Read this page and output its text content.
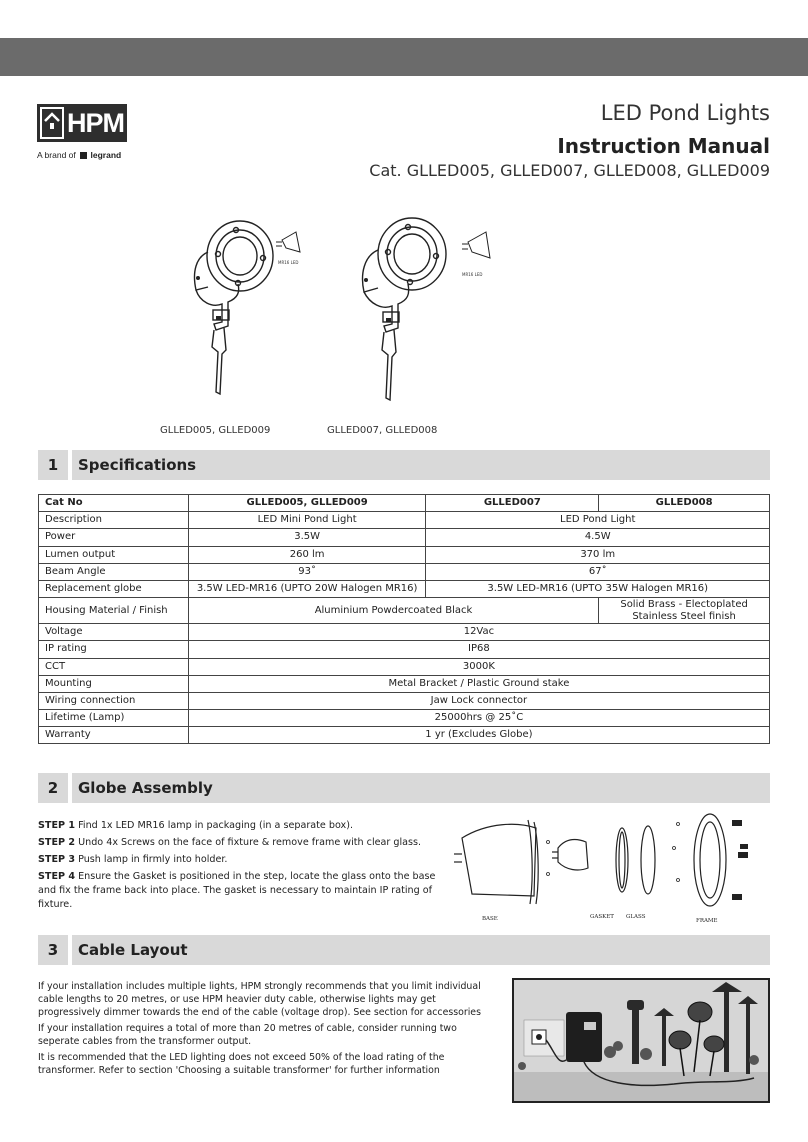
HPM
A brand of legrand
LED Pond Lights
Instruction Manual
Cat. GLLED005, GLLED007, GLLED008, GLLED009
MR16 LED
GLLED005, GLLED009
MR16 LED
GLLED007, GLLED008
1	Specifications
Cat No	GLLED005, GLLED009	GLLED007	GLLED008
Description	LED Mini Pond Light	LED Pond Light	
Power	3.5W	4.5W	
Lumen output	260 lm	370 lm	
Beam Angle	93˚	67˚	
Replacement globe	3.5W LED-MR16 (UPTO 20W Halogen MR16)	3.5W LED-MR16 (UPTO 35W Halogen MR16)	
Housing Material / Finish	Aluminium Powdercoated Black		Solid Brass - Electoplated
Stainless Steel finish

Voltage	12Vac		
IP rating	IP68		
CCT	3000K		
Mounting	Metal Bracket / Plastic Ground stake		
Wiring connection	Jaw Lock connector		
Lifetime (Lamp)	25000hrs @ 25˚C		
Warranty	1 yr (Excludes Globe)		
2	Globe Assembly

STEP 1 Find 1x LED MR16 lamp in packaging (in a separate box).

STEP 2 Undo 4x Screws on the face of fixture & remove frame with clear glass.

STEP 3 Push lamp in firmly into holder.

STEP 4 Ensure the Gasket is positioned in the step, locate the glass onto the base and fix the frame back into place. The gasket is necessary to maintain IP rating of fixture.

BASE	GASKET GLASS
FRAME
3	Cable Layout

If your installation includes multiple lights, HPM strongly recommends that you limit individual cable lengths to 20 metres, or use HPM heavier duty cable, otherwise lights may get progressively dimmer towards the end of the cable (voltage drop). See section for accessories

If your installation requires a total of more than 20 metres of cable, consider running two seperate cables from the transformer output.

It is recommended that the LED lighting does not exceed 50% of the load rating of the transformer. Refer to section 'Choosing a suitable transformer' for further information
